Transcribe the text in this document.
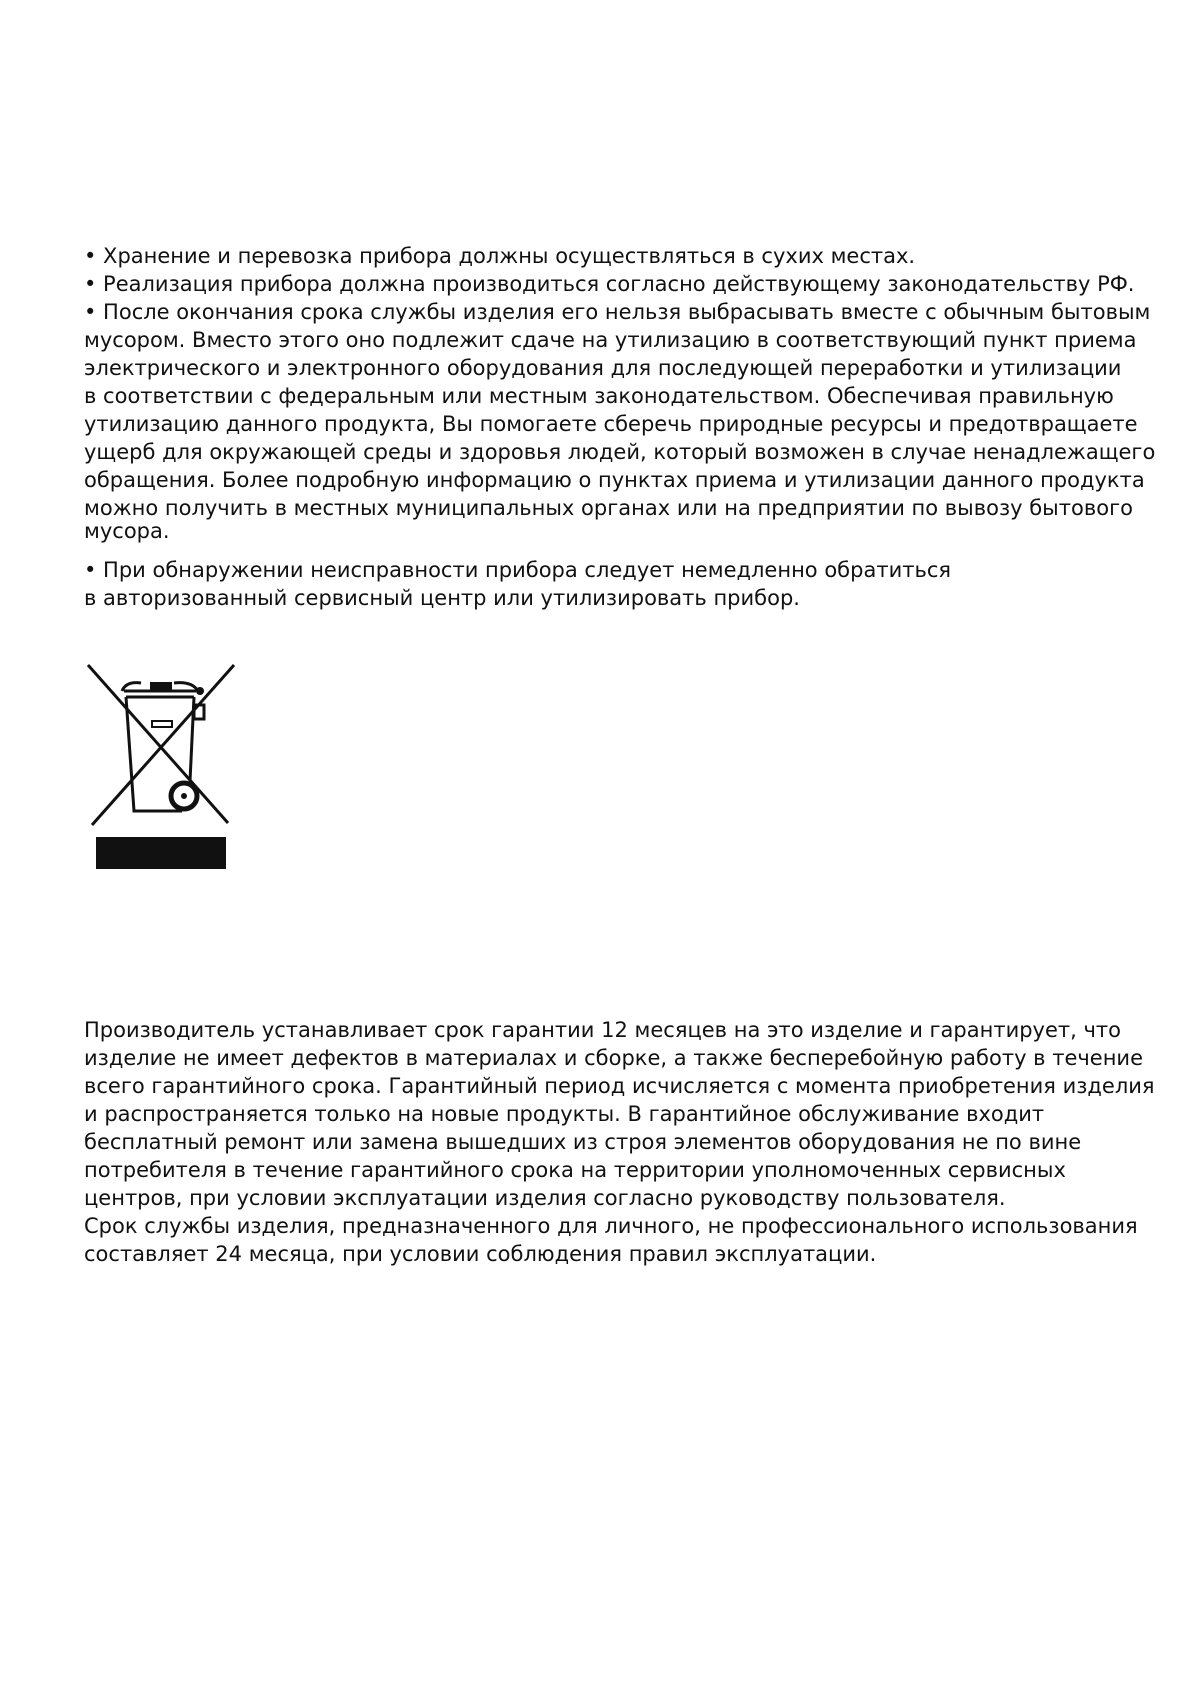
• Хранение и перевозка прибора должны осуществляться в сухих местах.
• Реализация прибора должна производиться согласно действующему законодательству РФ.
• После окончания срока службы изделия его нельзя выбрасывать вместе с обычным бытовым
мусором. Вместо этого оно подлежит сдаче на утилизацию в соответствующий пункт приема
электрического и электронного оборудования для последующей переработки и утилизации
в соответствии с федеральным или местным законодательством. Обеспечивая правильную
утилизацию данного продукта, Вы помогаете сберечь природные ресурсы и предотвращаете
ущерб для окружающей среды и здоровья людей, который возможен в случае ненадлежащего
обращения. Более подробную информацию о пунктах приема и утилизации данного продукта
можно получить в местных муниципальных органах или на предприятии по вывозу бытового
мусора.
• При обнаружении неисправности прибора следует немедленно обратиться
в авторизованный сервисный центр или утилизировать прибор.
Производитель устанавливает срок гарантии 12 месяцев на это изделие и гарантирует, что
изделие не имеет дефектов в материалах и сборке, а также бесперебойную работу в течение
всего гарантийного срока. Гарантийный период исчисляется с момента приобретения изделия
и распространяется только на новые продукты. В гарантийное обслуживание входит
бесплатный ремонт или замена вышедших из строя элементов оборудования не по вине
потребителя в течение гарантийного срока на территории уполномоченных сервисных
центров, при условии эксплуатации изделия согласно руководству пользователя.
Срок службы изделия, предназначенного для личного, не профессионального использования
составляет 24 месяца, при условии соблюдения правил эксплуатации.
